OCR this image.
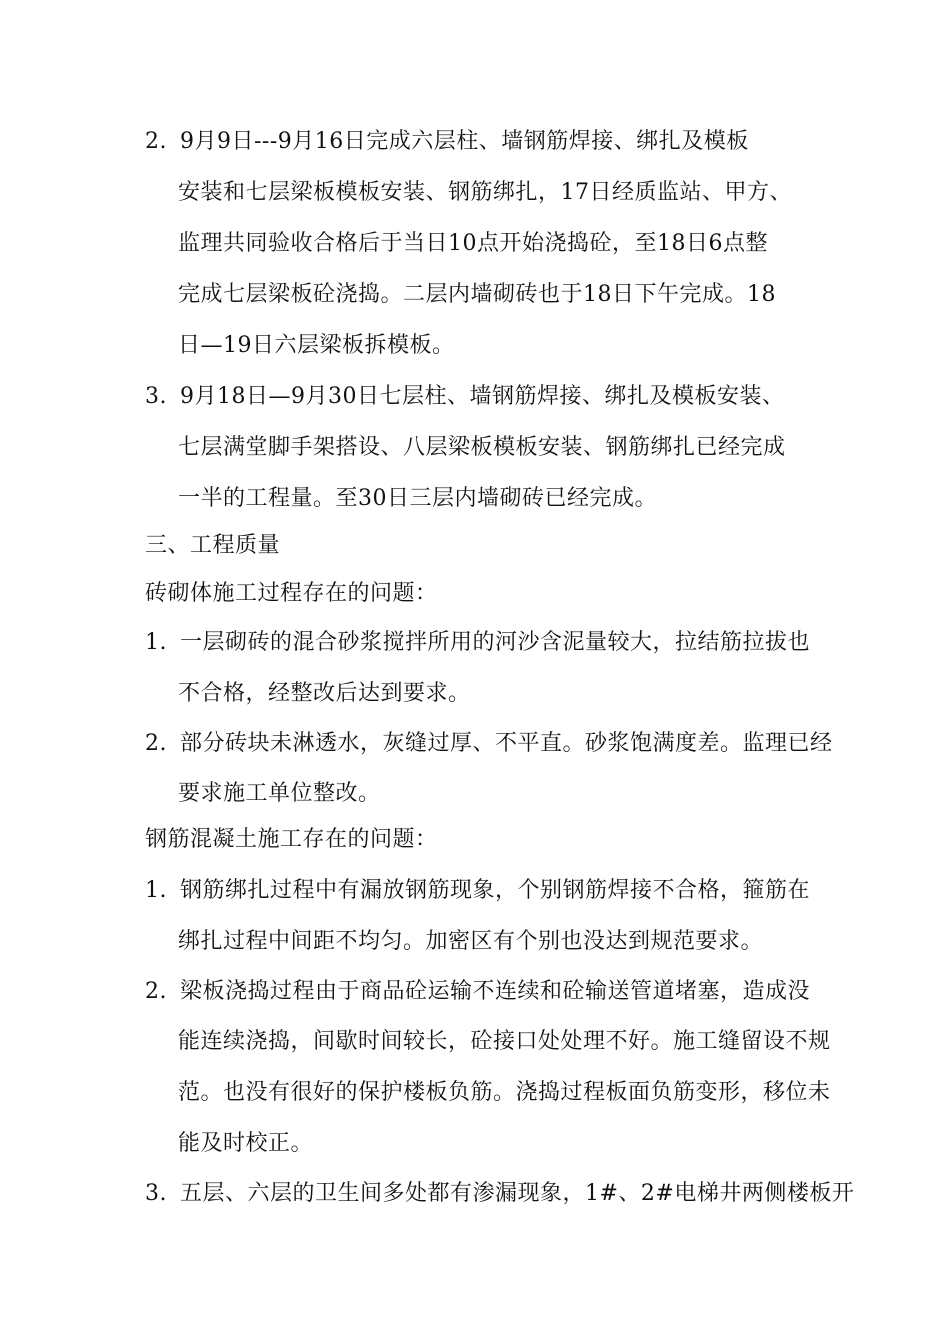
2. 9月9日---9月16日完成六层柱、墙钢筋焊接、绑扎及模板
安装和七层梁板模板安装、钢筋绑扎，17日经质监站、甲方、
监理共同验收合格后于当日10点开始浇捣砼，至18日6点整
完成七层梁板砼浇捣。二层内墙砌砖也于18日下午完成。18
日—19日六层梁板拆模板。
3. 9月18日—9月30日七层柱、墙钢筋焊接、绑扎及模板安装、
七层满堂脚手架搭设、八层梁板模板安装、钢筋绑扎已经完成
一半的工程量。至30日三层内墙砌砖已经完成。
三、工程质量
砖砌体施工过程存在的问题：
1. 一层砌砖的混合砂浆搅拌所用的河沙含泥量较大，拉结筋拉拔也
不合格，经整改后达到要求。
2. 部分砖块未淋透水，灰缝过厚、不平直。砂浆饱满度差。监理已经
要求施工单位整改。
钢筋混凝土施工存在的问题：
1. 钢筋绑扎过程中有漏放钢筋现象，个别钢筋焊接不合格，箍筋在
绑扎过程中间距不均匀。加密区有个别也没达到规范要求。
2. 梁板浇捣过程由于商品砼运输不连续和砼输送管道堵塞，造成没
能连续浇捣，间歇时间较长，砼接口处处理不好。施工缝留设不规
范。也没有很好的保护楼板负筋。浇捣过程板面负筋变形，移位未
能及时校正。
3. 五层、六层的卫生间多处都有渗漏现象，1#、2#电梯井两侧楼板开
